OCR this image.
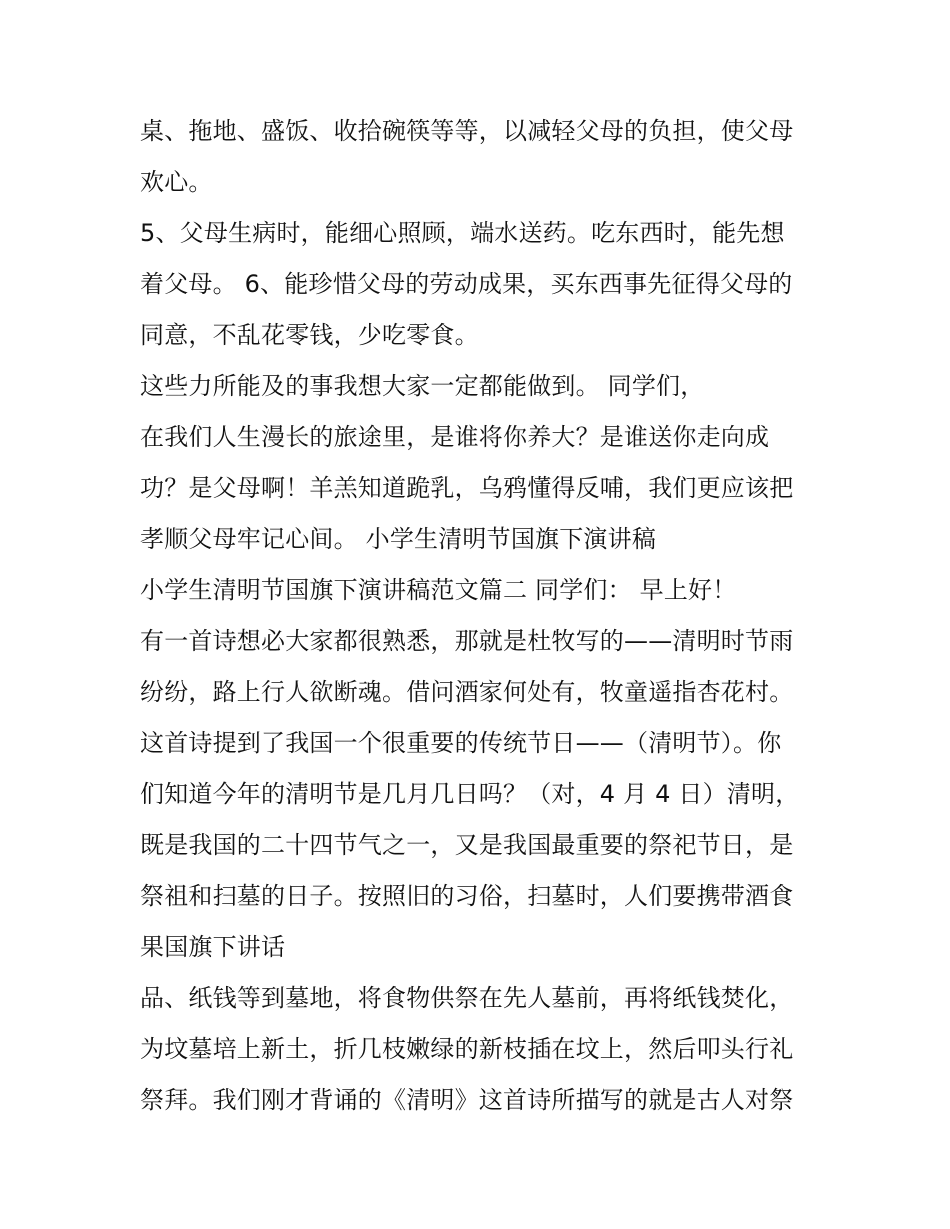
桌、拖地、盛饭、收拾碗筷等等，以减轻父母的负担，使父母
欢心。
5、父母生病时，能细心照顾，端水送药。吃东西时，能先想
着父母。 6、能珍惜父母的劳动成果，买东西事先征得父母的
同意，不乱花零钱，少吃零食。
这些力所能及的事我想大家一定都能做到。 同学们，
在我们人生漫长的旅途里，是谁将你养大？是谁送你走向成
功？是父母啊！羊羔知道跪乳，乌鸦懂得反哺，我们更应该把
孝顺父母牢记心间。 小学生清明节国旗下演讲稿
小学生清明节国旗下演讲稿范文篇二 同学们： 早上好！
有一首诗想必大家都很熟悉，那就是杜牧写的——清明时节雨
纷纷，路上行人欲断魂。借问酒家何处有，牧童遥指杏花村。
这首诗提到了我国一个很重要的传统节日——（清明节）。你
们知道今年的清明节是几月几日吗？（对，4 月 4 日）清明，
既是我国的二十四节气之一，又是我国最重要的祭祀节日，是
祭祖和扫墓的日子。按照旧的习俗，扫墓时，人们要携带酒食
果国旗下讲话
品、纸钱等到墓地，将食物供祭在先人墓前，再将纸钱焚化，
为坟墓培上新土，折几枝嫩绿的新枝插在坟上，然后叩头行礼
祭拜。我们刚才背诵的《清明》这首诗所描写的就是古人对祭
